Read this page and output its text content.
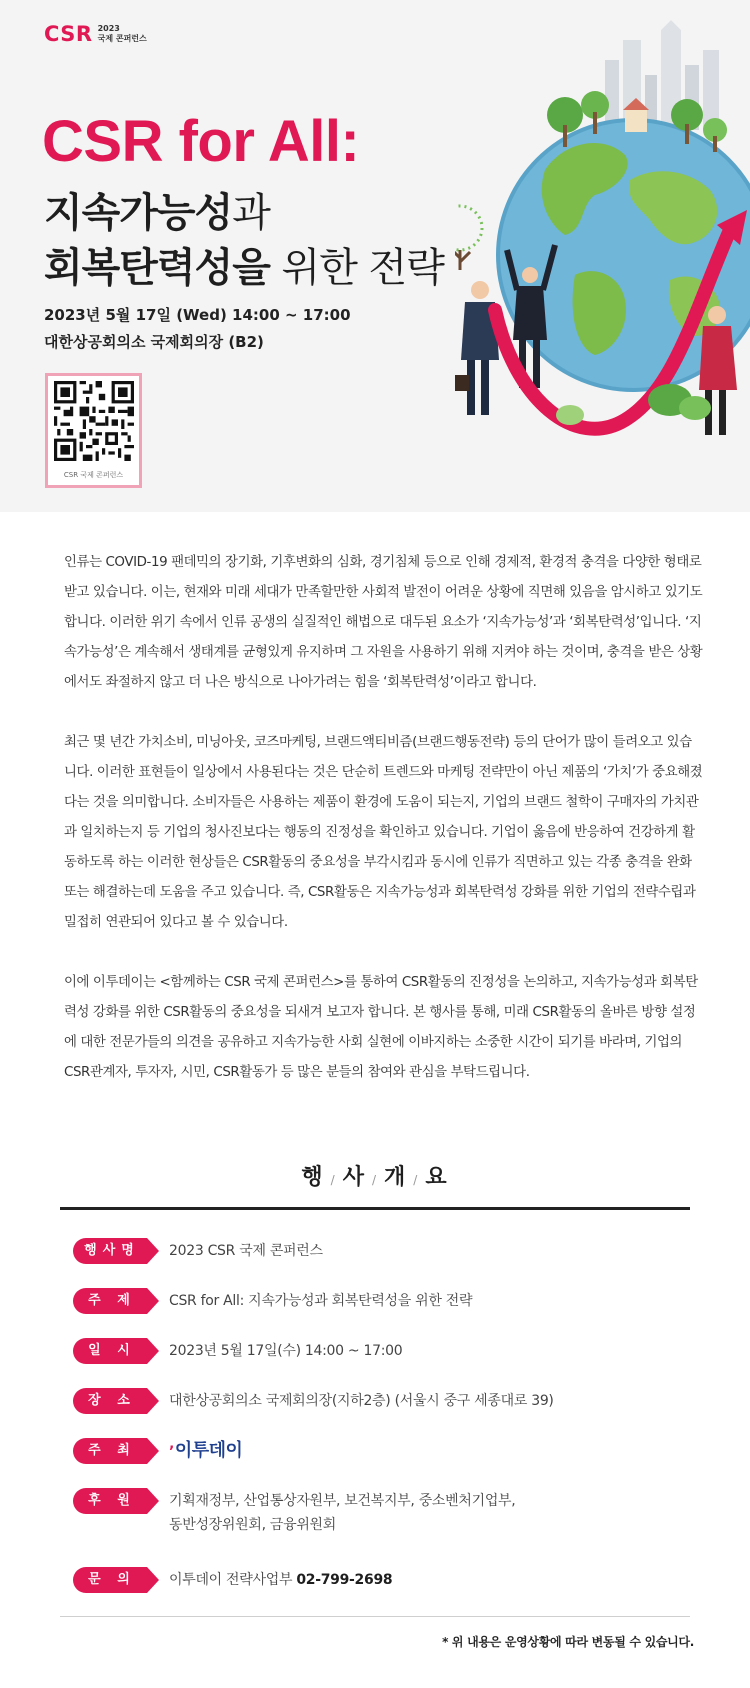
CSR 2023
국제 콘퍼런스
CSR for All:
지속가능성과
회복탄력성을 위한 전략
2023년 5월 17일 (Wed) 14:00 ~ 17:00
대한상공회의소 국제회의장 (B2)
CSR 국제 콘퍼런스

인류는 COVID-19 팬데믹의 장기화, 기후변화의 심화, 경기침체 등으로 인해 경제적, 환경적 충격을 다양한 형태로 받고 있습니다. 이는, 현재와 미래 세대가 만족할만한 사회적 발전이 어려운 상황에 직면해 있음을 암시하고 있기도 합니다. 이러한 위기 속에서 인류 공생의 실질적인 해법으로 대두된 요소가 ‘지속가능성’과 ‘회복탄력성’입니다. ‘지속가능성’은 계속해서 생태계를 균형있게 유지하며 그 자원을 사용하기 위해 지켜야 하는 것이며, 충격을 받은 상황에서도 좌절하지 않고 더 나은 방식으로 나아가려는 힘을 ‘회복탄력성’이라고 합니다.

최근 몇 년간 가치소비, 미닝아웃, 코즈마케팅, 브랜드액티비즘(브랜드행동전략) 등의 단어가 많이 들려오고 있습니다. 이러한 표현들이 일상에서 사용된다는 것은 단순히 트렌드와 마케팅 전략만이 아닌 제품의 ‘가치’가 중요해졌다는 것을 의미합니다. 소비자들은 사용하는 제품이 환경에 도움이 되는지, 기업의 브랜드 철학이 구매자의 가치관과 일치하는지 등 기업의 청사진보다는 행동의 진정성을 확인하고 있습니다. 기업이 옳음에 반응하여 건강하게 활동하도록 하는 이러한 현상들은 CSR활동의 중요성을 부각시킴과 동시에 인류가 직면하고 있는 각종 충격을 완화 또는 해결하는데 도움을 주고 있습니다. 즉, CSR활동은 지속가능성과 회복탄력성 강화를 위한 기업의 전략수립과 밀접히 연관되어 있다고 볼 수 있습니다.

이에 이투데이는 <함께하는 CSR 국제 콘퍼런스>를 통하여 CSR활동의 진정성을 논의하고, 지속가능성과 회복탄력성 강화를 위한 CSR활동의 중요성을 되새겨 보고자 합니다. 본 행사를 통해, 미래 CSR활동의 올바른 방향 설정에 대한 전문가들의 의견을 공유하고 지속가능한 사회 실현에 이바지하는 소중한 시간이 되기를 바라며, 기업의 CSR관계자, 투자자, 시민, CSR활동가 등 많은 분들의 참여와 관심을 부탁드립니다.

행 / 사 / 개 / 요
행사명	2023 CSR 국제 콘퍼런스
주 제	CSR for All: 지속가능성과 회복탄력성을 위한 전략
일 시	2023년 5월 17일(수) 14:00 ~ 17:00
장 소	대한상공회의소 국제회의장(지하2층) (서울시 중구 세종대로 39)
주 최	’이투데이
후 원	기획재정부, 산업통상자원부, 보건복지부, 중소벤처기업부,
동반성장위원회, 금융위원회
문 의	이투데이 전략사업부 02-799-2698
* 위 내용은 운영상황에 따라 변동될 수 있습니다.
